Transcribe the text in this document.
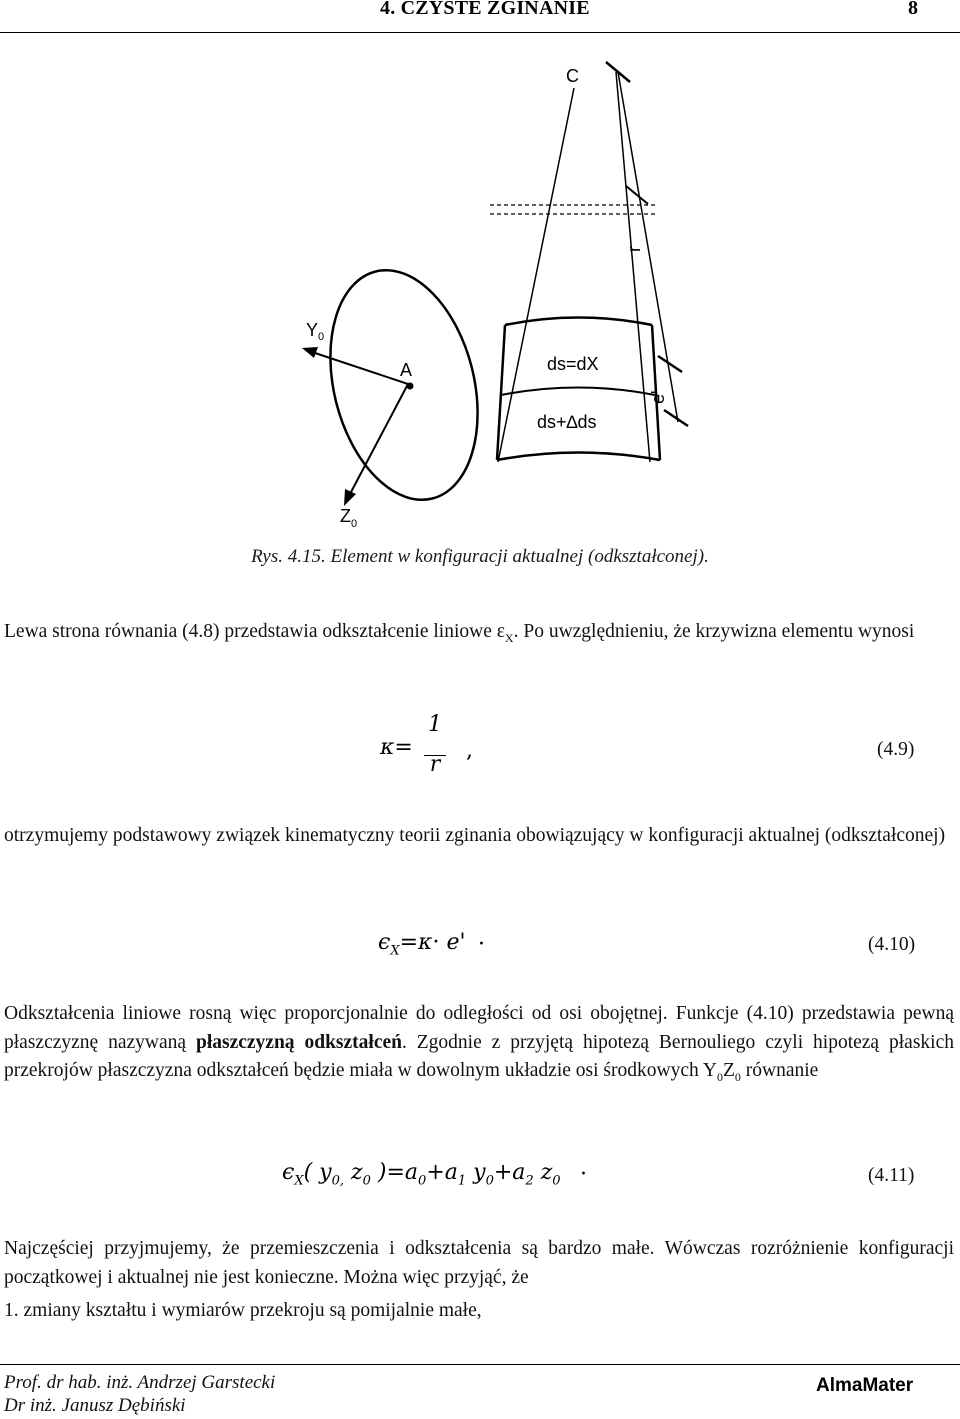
4. CZYSTE ZGINANIE	8
C
r
$Y_0$
A	ds=dX
ds+∆ds
e'
$Z_0$
Rys. 4.15. Element w konfiguracji aktualnej (odkształconej).
Lewa strona równania (4.8) przedstawia odkształcenie liniowe $\varepsilon_X$. Po uwzględnieniu, że krzywizna elementu wynosi
κ=
1
r
,	(4.9)
otrzymujemy podstawowy związek kinematyczny teorii zginania obowiązujący w konfiguracji aktualnej (odkształconej)
$\epsilon_X=\kappa\cdot e'$ ·	(4.10)
Odkształcenia liniowe rosną więc proporcjonalnie do odległości od osi obojętnej. Funkcje (4.10) przedstawia pewną płaszczyznę nazywaną płaszczyzną odkształceń. Zgodnie z przyjętą hipotezą Bernouliego czyli hipotezą płaskich przekrojów płaszczyzna odkształceń będzie miała w dowolnym układzie osi środkowych $Y_0Z_0$ równanie
$\epsilon_X$( $y_{0,}$ $z_0$ )$=a_0+a_1$ $y_0+a_2$ $z_0$ ·	(4.11)
Najczęściej przyjmujemy, że przemieszczenia i odkształcenia są bardzo małe. Wówczas rozróżnienie konfiguracji początkowej i aktualnej nie jest konieczne. Można więc przyjąć, że
1. zmiany kształtu i wymiarów przekroju są pomijalnie małe,
Prof. dr hab. inż. Andrzej Garstecki
Dr inż. Janusz Dębiński
AlmaMater
